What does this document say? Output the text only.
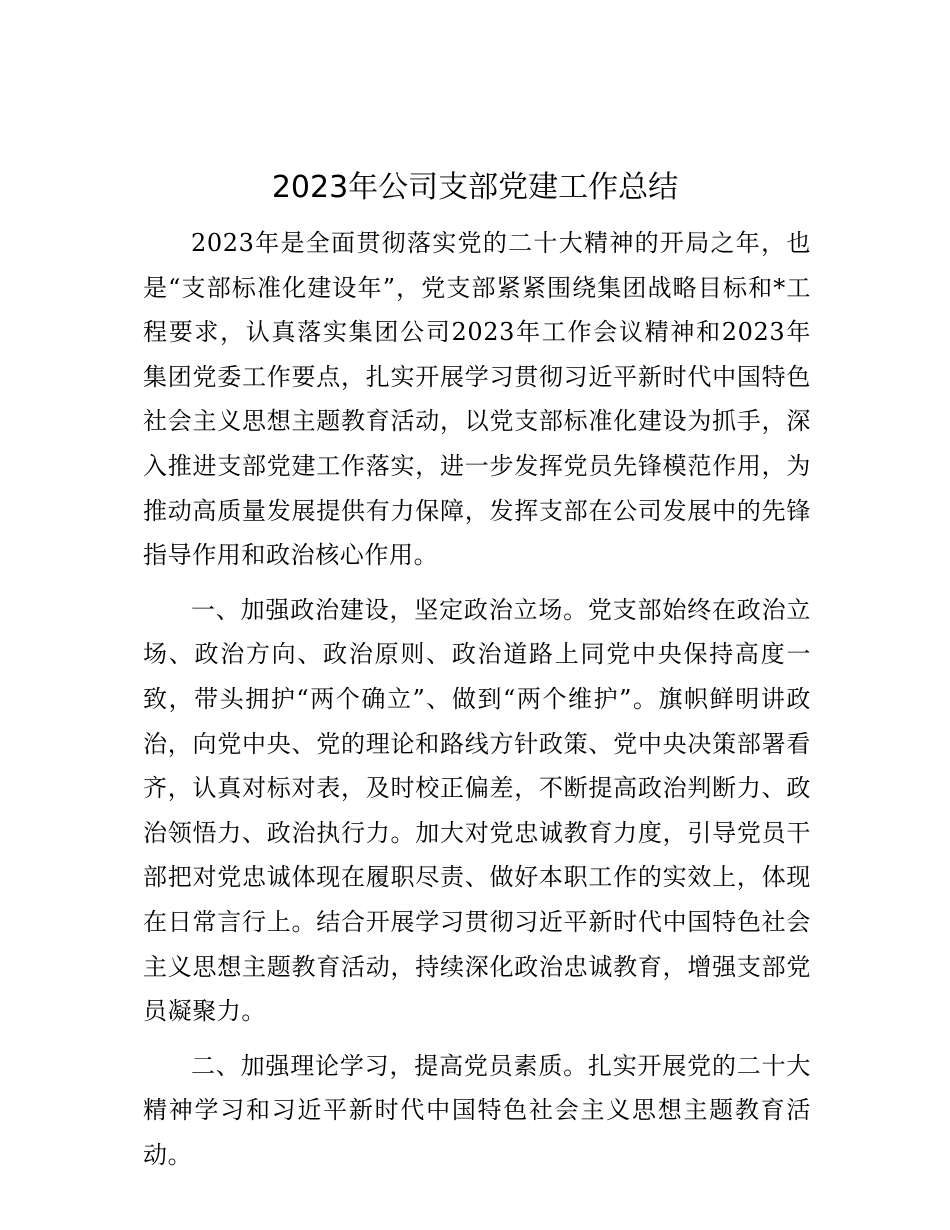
2023年公司支部党建工作总结

2023年是全面贯彻落实党的二十大精神的开局之年，也是“支部标准化建设年”，党支部紧紧围绕集团战略目标和*工程要求，认真落实集团公司2023年工作会议精神和2023年集团党委工作要点，扎实开展学习贯彻习近平新时代中国特色社会主义思想主题教育活动，以党支部标准化建设为抓手，深入推进支部党建工作落实，进一步发挥党员先锋模范作用，为推动高质量发展提供有力保障，发挥支部在公司发展中的先锋指导作用和政治核心作用。

一、加强政治建设，坚定政治立场。党支部始终在政治立场、政治方向、政治原则、政治道路上同党中央保持高度一致，带头拥护“两个确立”、做到“两个维护”。旗帜鲜明讲政治，向党中央、党的理论和路线方针政策、党中央决策部署看齐，认真对标对表，及时校正偏差，不断提高政治判断力、政治领悟力、政治执行力。加大对党忠诚教育力度，引导党员干部把对党忠诚体现在履职尽责、做好本职工作的实效上，体现在日常言行上。结合开展学习贯彻习近平新时代中国特色社会主义思想主题教育活动，持续深化政治忠诚教育，增强支部党员凝聚力。

二、加强理论学习，提高党员素质。扎实开展党的二十大精神学习和习近平新时代中国特色社会主义思想主题教育活动。
